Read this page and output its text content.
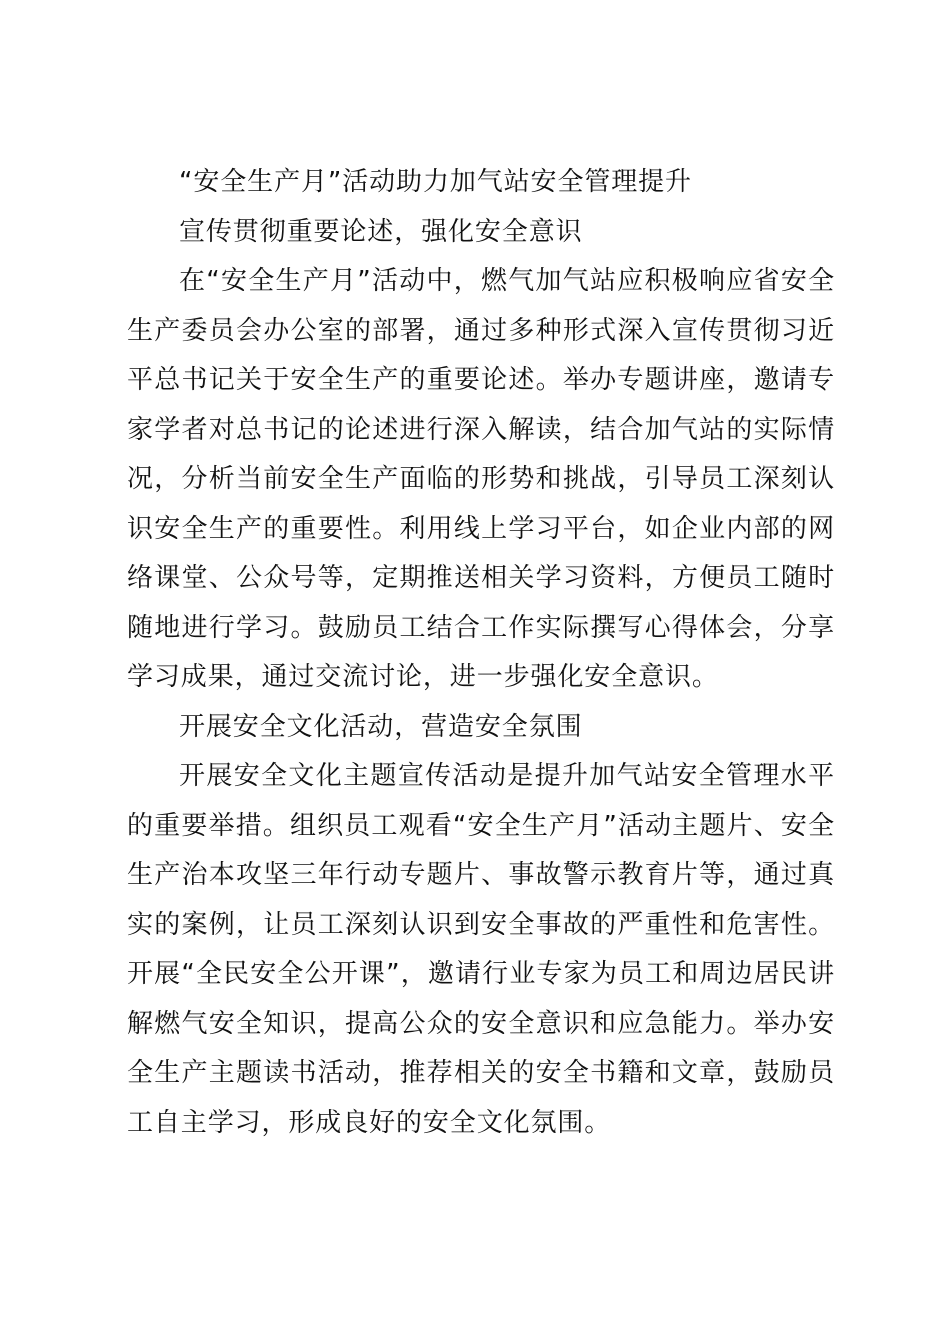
“安全生产月”活动助力加气站安全管理提升

宣传贯彻重要论述，强化安全意识

在“安全生产月”活动中，燃气加气站应积极响应省安全生产委员会办公室的部署，通过多种形式深入宣传贯彻习近平总书记关于安全生产的重要论述。举办专题讲座，邀请专家学者对总书记的论述进行深入解读，结合加气站的实际情况，分析当前安全生产面临的形势和挑战，引导员工深刻认识安全生产的重要性。利用线上学习平台，如企业内部的网络课堂、公众号等，定期推送相关学习资料，方便员工随时随地进行学习。鼓励员工结合工作实际撰写心得体会，分享学习成果，通过交流讨论，进一步强化安全意识。

开展安全文化活动，营造安全氛围

开展安全文化主题宣传活动是提升加气站安全管理水平的重要举措。组织员工观看“安全生产月”活动主题片、安全生产治本攻坚三年行动专题片、事故警示教育片等，通过真实的案例，让员工深刻认识到安全事故的严重性和危害性。开展“全民安全公开课”，邀请行业专家为员工和周边居民讲解燃气安全知识，提高公众的安全意识和应急能力。举办安全生产主题读书活动，推荐相关的安全书籍和文章，鼓励员工自主学习，形成良好的安全文化氛围。
